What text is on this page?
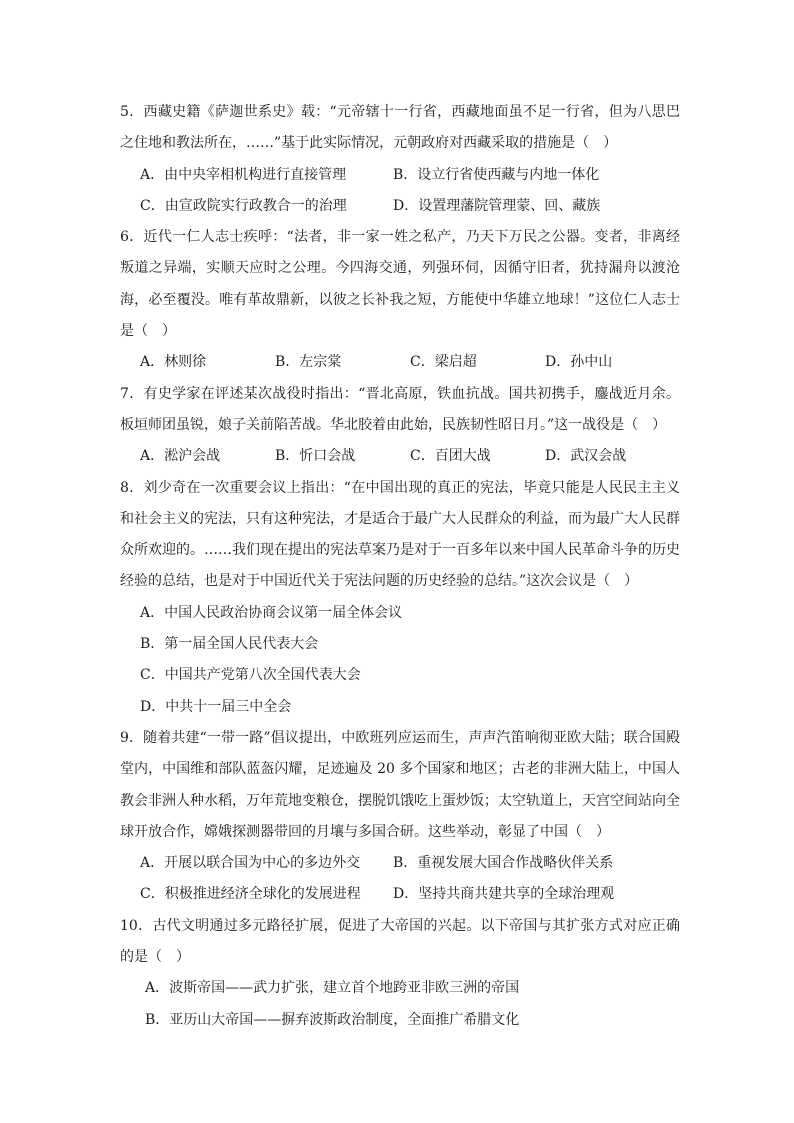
5．西藏史籍《萨迦世系史》载：“元帝辖十一行省，西藏地面虽不足一行省，但为八思巴之住地和教法所在，……”基于此实际情况，元朝政府对西藏采取的措施是（　）

A．由中央宰相机构进行直接管理	B．设立行省使西藏与内地一体化
C．由宣政院实行政教合一的治理	D．设置理藩院管理蒙、回、藏族

6．近代一仁人志士疾呼：“法者，非一家一姓之私产，乃天下万民之公器。变者，非离经叛道之异端，实顺天应时之公理。今四海交通，列强环伺，因循守旧者，犹持漏舟以渡沧海，必至覆没。唯有革故鼎新，以彼之长补我之短，方能使中华雄立地球！”这位仁人志士是（　）

A．林则徐	B．左宗棠	C．梁启超	D．孙中山

7．有史学家在评述某次战役时指出：“晋北高原，铁血抗战。国共初携手，鏖战近月余。板垣师团虽锐，娘子关前陷苦战。华北胶着由此始，民族韧性昭日月。”这一战役是（　）

A．淞沪会战	B．忻口会战	C．百团大战	D．武汉会战

8．刘少奇在一次重要会议上指出：“在中国出现的真正的宪法，毕竟只能是人民民主主义和社会主义的宪法，只有这种宪法，才是适合于最广大人民群众的利益，而为最广大人民群众所欢迎的。……我们现在提出的宪法草案乃是对于一百多年以来中国人民革命斗争的历史经验的总结，也是对于中国近代关于宪法问题的历史经验的总结。”这次会议是（　）

A．中国人民政治协商会议第一届全体会议

B．第一届全国人民代表大会

C．中国共产党第八次全国代表大会

D．中共十一届三中全会

9．随着共建“一带一路”倡议提出，中欧班列应运而生，声声汽笛响彻亚欧大陆；联合国殿堂内，中国维和部队蓝盔闪耀，足迹遍及 20 多个国家和地区；古老的非洲大陆上，中国人教会非洲人种水稻，万年荒地变粮仓，摆脱饥饿吃上蛋炒饭；太空轨道上，天宫空间站向全球开放合作，嫦娥探测器带回的月壤与多国合研。这些举动，彰显了中国（　）

A．开展以联合国为中心的多边外交	B．重视发展大国合作战略伙伴关系
C．积极推进经济全球化的发展进程	D．坚持共商共建共享的全球治理观

10．古代文明通过多元路径扩展，促进了大帝国的兴起。以下帝国与其扩张方式对应正确的是（　）

A．波斯帝国——武力扩张，建立首个地跨亚非欧三洲的帝国

B．亚历山大帝国——摒弃波斯政治制度，全面推广希腊文化
